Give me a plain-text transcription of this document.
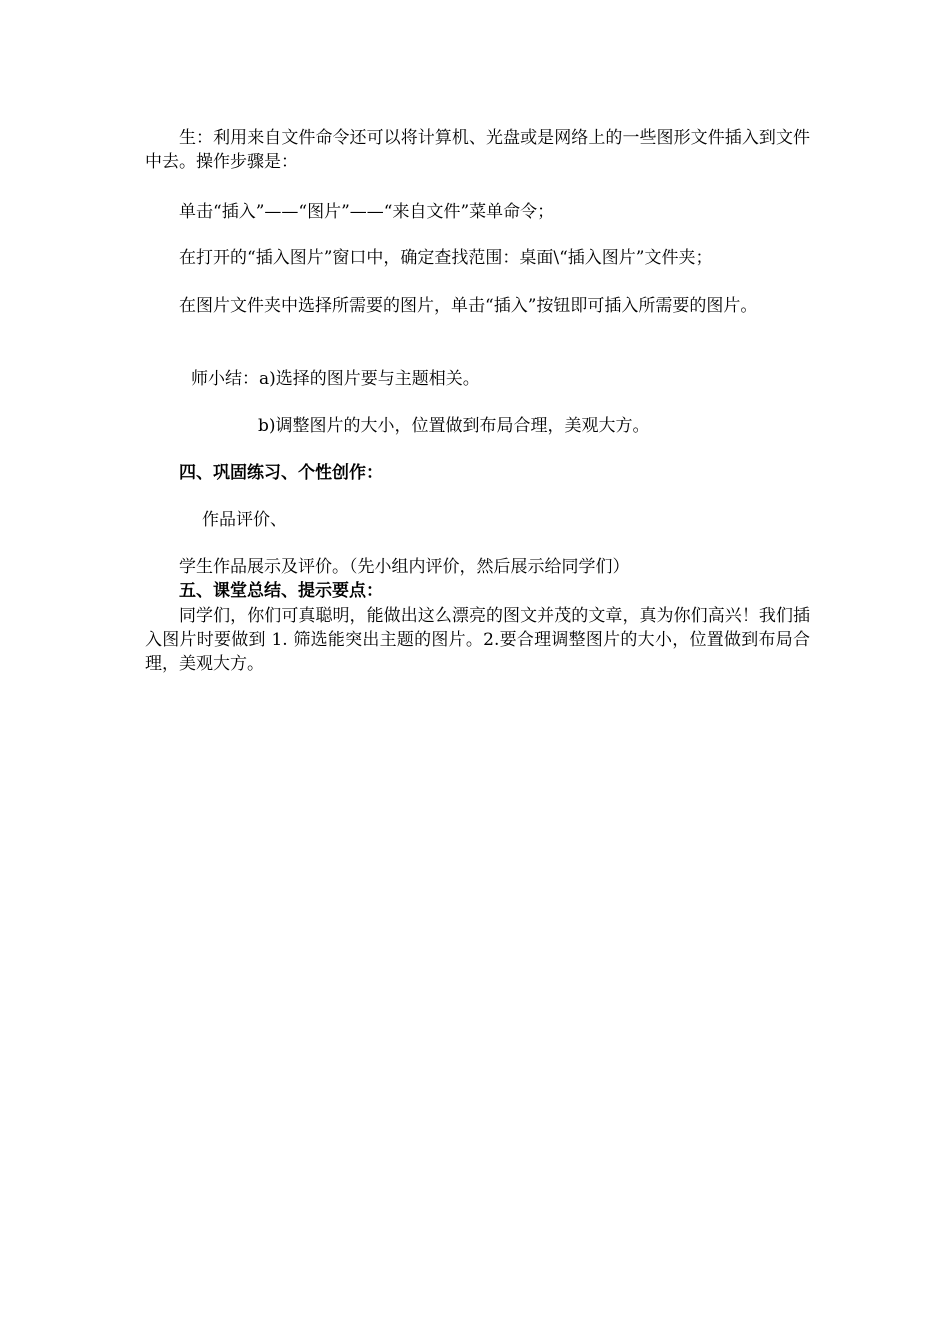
生：利用来自文件命令还可以将计算机、光盘或是网络上的一些图形文件插入到文件中去。操作步骤是：

单击“插入”——“图片”——“来自文件”菜单命令；

在打开的“插入图片”窗口中，确定查找范围：桌面\“插入图片”文件夹；

在图片文件夹中选择所需要的图片，单击“插入”按钮即可插入所需要的图片。

师小结：a)选择的图片要与主题相关。

b)调整图片的大小，位置做到布局合理，美观大方。

四、巩固练习、个性创作：

作品评价、

学生作品展示及评价。（先小组内评价，然后展示给同学们）

五、课堂总结、提示要点：

同学们，你们可真聪明，能做出这么漂亮的图文并茂的文章，真为你们高兴！我们插入图片时要做到 1. 筛选能突出主题的图片。2.要合理调整图片的大小，位置做到布局合理，美观大方。
